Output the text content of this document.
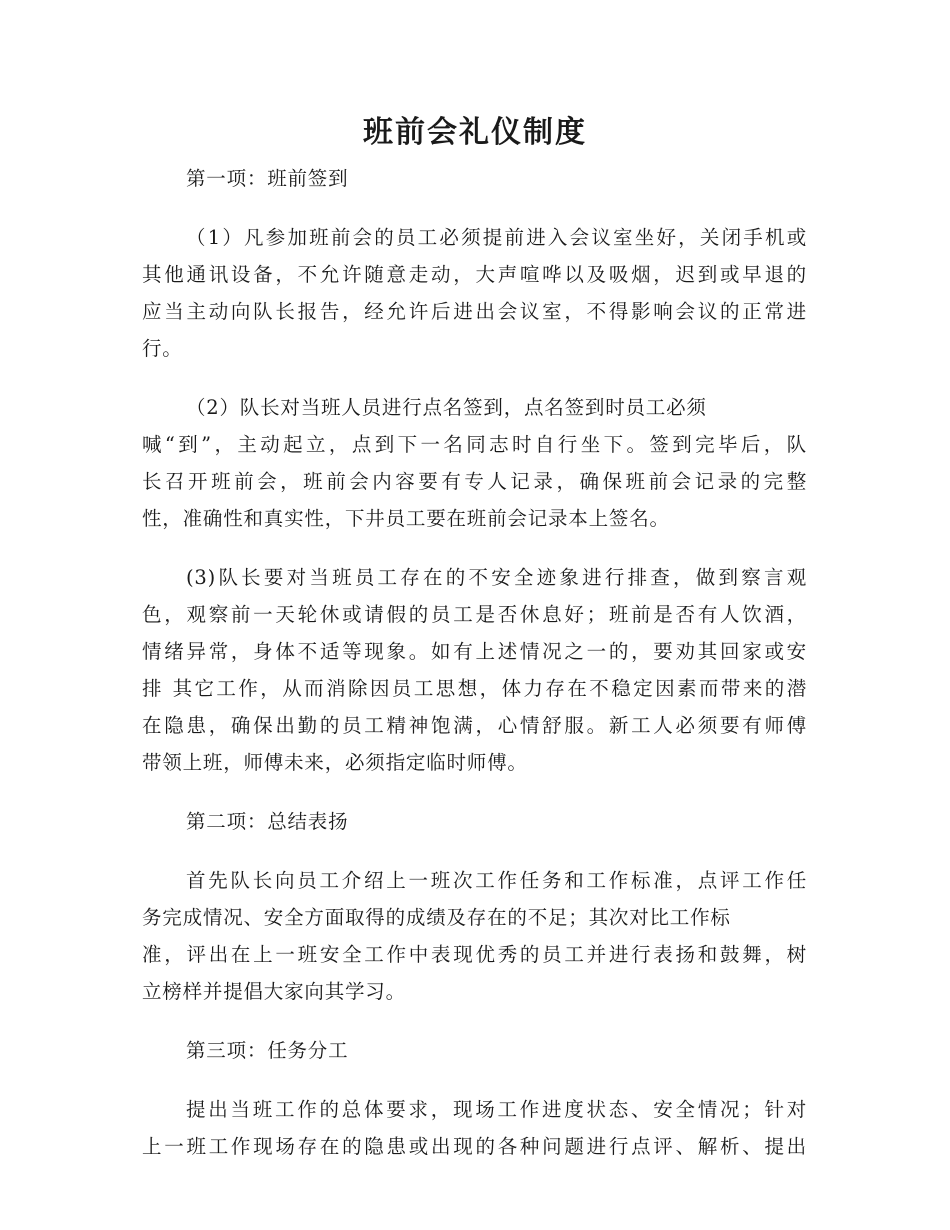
班前会礼仪制度
第一项：班前签到
（1）凡参加班前会的员工必须提前进入会议室坐好，关闭手机或
其他通讯设备，不允许随意走动，大声喧哗以及吸烟，迟到或早退的
应当主动向队长报告，经允许后进出会议室，不得影响会议的正常进
行。
（2）队长对当班人员进行点名签到，点名签到时员工必须
喊“到”，主动起立，点到下一名同志时自行坐下。签到完毕后，队
长召开班前会，班前会内容要有专人记录，确保班前会记录的完整
性，准确性和真实性，下井员工要在班前会记录本上签名。
(3)队长要对当班员工存在的不安全迹象进行排查，做到察言观
色，观察前一天轮休或请假的员工是否休息好；班前是否有人饮酒，
情绪异常，身体不适等现象。如有上述情况之一的，要劝其回家或安
排 其它工作，从而消除因员工思想，体力存在不稳定因素而带来的潜
在隐患，确保出勤的员工精神饱满，心情舒服。新工人必须要有师傅
带领上班，师傅未来，必须指定临时师傅。
第二项：总结表扬
首先队长向员工介绍上一班次工作任务和工作标准，点评工作任
务完成情况、安全方面取得的成绩及存在的不足；其次对比工作标
准，评出在上一班安全工作中表现优秀的员工并进行表扬和鼓舞，树
立榜样并提倡大家向其学习。
第三项：任务分工
提出当班工作的总体要求，现场工作进度状态、安全情况；针对
上一班工作现场存在的隐患或出现的各种问题进行点评、解析、提出
